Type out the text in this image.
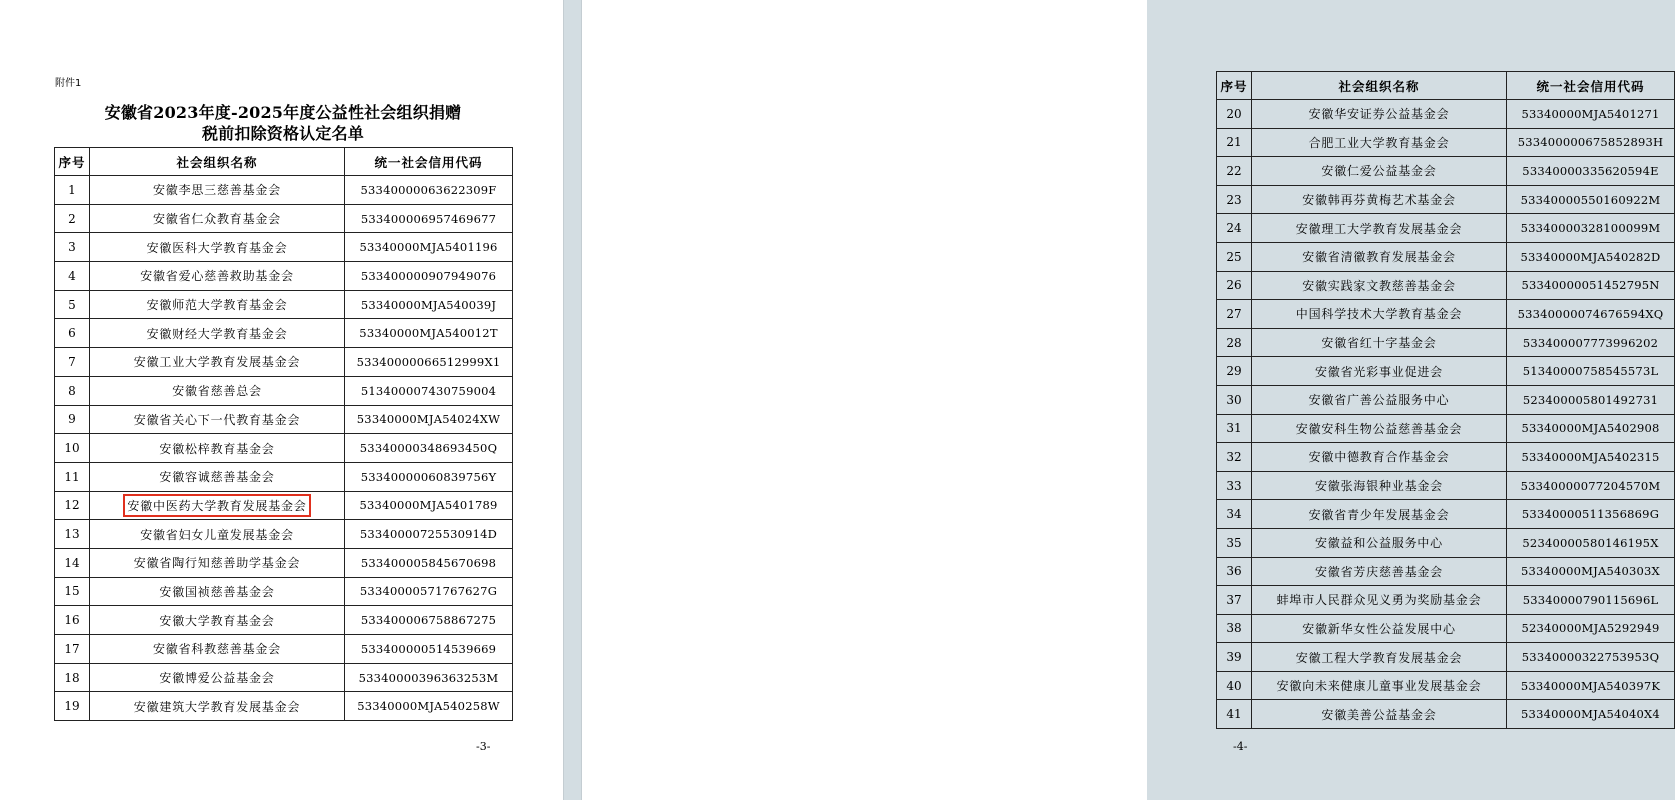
附件1
安徽省2023年度-2025年度公益性社会组织捐赠
税前扣除资格认定名单
序号	社会组织名称	统一社会信用代码
1	安徽李思三慈善基金会	53340000063622309F
2	安徽省仁众教育基金会	533400006957469677
3	安徽医科大学教育基金会	53340000MJA5401196
4	安徽省爱心慈善救助基金会	533400000907949076
5	安徽师范大学教育基金会	53340000MJA540039J
6	安徽财经大学教育基金会	53340000MJA540012T
7	安徽工业大学教育发展基金会	53340000066512999X1
8	安徽省慈善总会	513400007430759004
9	安徽省关心下一代教育基金会	53340000MJA54024XW
10	安徽松梓教育基金会	53340000348693450Q
11	安徽容诚慈善基金会	53340000060839756Y
12	安徽中医药大学教育发展基金会	53340000MJA5401789
13	安徽省妇女儿童发展基金会	53340000725530914D
14	安徽省陶行知慈善助学基金会	533400005845670698
15	安徽国祯慈善基金会	53340000571767627G
16	安徽大学教育基金会	533400006758867275
17	安徽省科教慈善基金会	533400000514539669
18	安徽博爱公益基金会	53340000396363253M
19	安徽建筑大学教育发展基金会	53340000MJA540258W
-3-
序号	社会组织名称	统一社会信用代码
20	安徽华安证券公益基金会	53340000MJA5401271
21	合肥工业大学教育基金会	533400000675852893H
22	安徽仁爱公益基金会	53340000335620594E
23	安徽韩再芬黄梅艺术基金会	53340000550160922M
24	安徽理工大学教育发展基金会	53340000328100099M
25	安徽省清徽教育发展基金会	53340000MJA540282D
26	安徽实践家文教慈善基金会	53340000051452795N
27	中国科学技术大学教育基金会	53340000074676594XQ
28	安徽省红十字基金会	533400007773996202
29	安徽省光彩事业促进会	51340000758545573L
30	安徽省广善公益服务中心	523400005801492731
31	安徽安科生物公益慈善基金会	53340000MJA5402908
32	安徽中德教育合作基金会	53340000MJA5402315
33	安徽张海银种业基金会	53340000077204570M
34	安徽省青少年发展基金会	53340000511356869G
35	安徽益和公益服务中心	52340000580146195X
36	安徽省芳庆慈善基金会	53340000MJA540303X
37	蚌埠市人民群众见义勇为奖励基金会	53340000790115696L
38	安徽新华女性公益发展中心	52340000MJA5292949
39	安徽工程大学教育发展基金会	53340000322753953Q
40	安徽向未来健康儿童事业发展基金会	53340000MJA540397K
41	安徽美善公益基金会	53340000MJA54040X4
-4-
